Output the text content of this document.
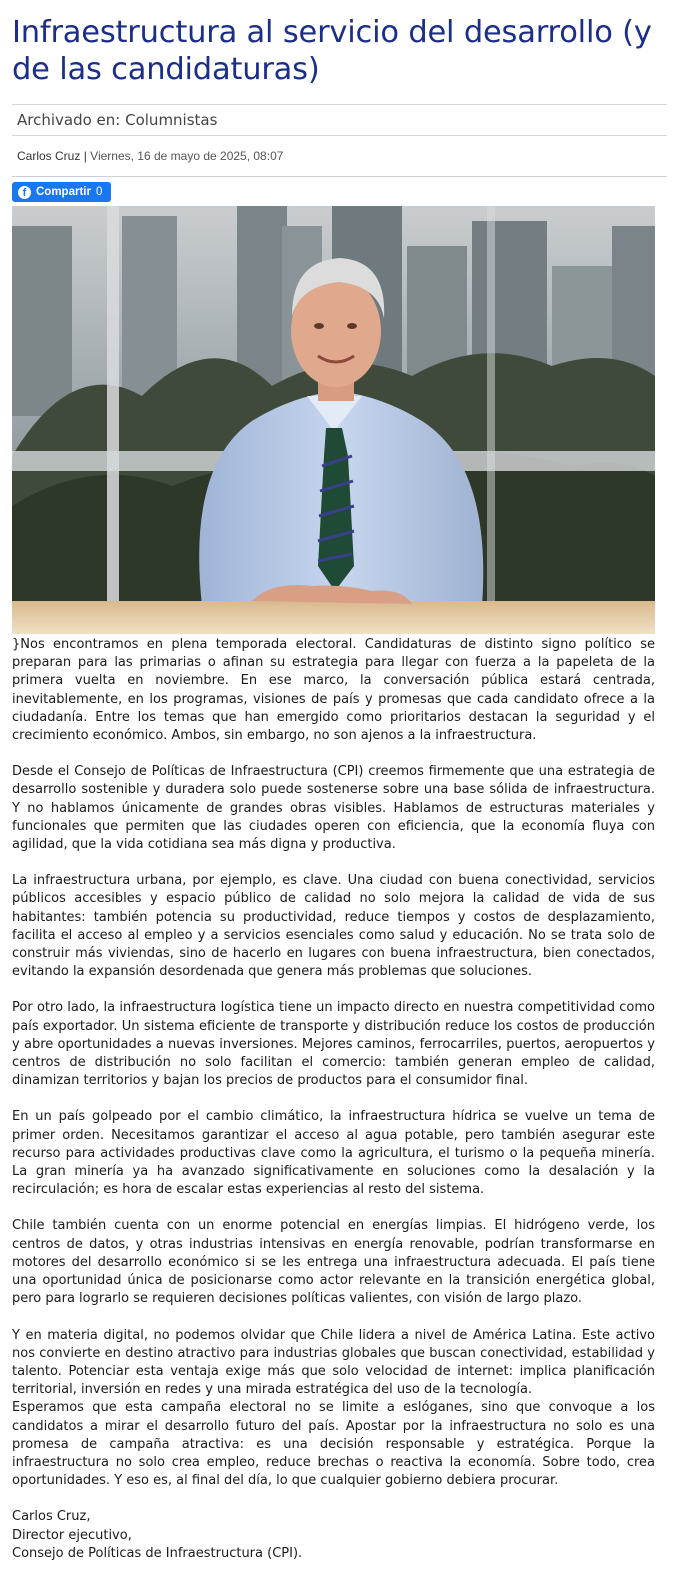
Infraestructura al servicio del desarrollo (y de las candidaturas)
Archivado en: Columnistas
Carlos Cruz | Viernes, 16 de mayo de 2025, 08:07
f Compartir 0

}Nos encontramos en plena temporada electoral. Candidaturas de distinto signo político se preparan para las primarias o afinan su estrategia para llegar con fuerza a la papeleta de la primera vuelta en noviembre. En ese marco, la conversación pública estará centrada, inevitablemente, en los programas, visiones de país y promesas que cada candidato ofrece a la ciudadanía. Entre los temas que han emergido como prioritarios destacan la seguridad y el crecimiento económico. Ambos, sin embargo, no son ajenos a la infraestructura.

Desde el Consejo de Políticas de Infraestructura (CPI) creemos firmemente que una estrategia de desarrollo sostenible y duradera solo puede sostenerse sobre una base sólida de infraestructura. Y no hablamos únicamente de grandes obras visibles. Hablamos de estructuras materiales y funcionales que permiten que las ciudades operen con eficiencia, que la economía fluya con agilidad, que la vida cotidiana sea más digna y productiva.

La infraestructura urbana, por ejemplo, es clave. Una ciudad con buena conectividad, servicios públicos accesibles y espacio público de calidad no solo mejora la calidad de vida de sus habitantes: también potencia su productividad, reduce tiempos y costos de desplazamiento, facilita el acceso al empleo y a servicios esenciales como salud y educación. No se trata solo de construir más viviendas, sino de hacerlo en lugares con buena infraestructura, bien conectados, evitando la expansión desordenada que genera más problemas que soluciones.

Por otro lado, la infraestructura logística tiene un impacto directo en nuestra competitividad como país exportador. Un sistema eficiente de transporte y distribución reduce los costos de producción y abre oportunidades a nuevas inversiones. Mejores caminos, ferrocarriles, puertos, aeropuertos y centros de distribución no solo facilitan el comercio: también generan empleo de calidad, dinamizan territorios y bajan los precios de productos para el consumidor final.

En un país golpeado por el cambio climático, la infraestructura hídrica se vuelve un tema de primer orden. Necesitamos garantizar el acceso al agua potable, pero también asegurar este recurso para actividades productivas clave como la agricultura, el turismo o la pequeña minería. La gran minería ya ha avanzado significativamente en soluciones como la desalación y la recirculación; es hora de escalar estas experiencias al resto del sistema.

Chile también cuenta con un enorme potencial en energías limpias. El hidrógeno verde, los centros de datos, y otras industrias intensivas en energía renovable, podrían transformarse en motores del desarrollo económico si se les entrega una infraestructura adecuada. El país tiene una oportunidad única de posicionarse como actor relevante en la transición energética global, pero para lograrlo se requieren decisiones políticas valientes, con visión de largo plazo.

Y en materia digital, no podemos olvidar que Chile lidera a nivel de América Latina. Este activo nos convierte en destino atractivo para industrias globales que buscan conectividad, estabilidad y talento. Potenciar esta ventaja exige más que solo velocidad de internet: implica planificación territorial, inversión en redes y una mirada estratégica del uso de la tecnología.

Esperamos que esta campaña electoral no se limite a eslóganes, sino que convoque a los candidatos a mirar el desarrollo futuro del país. Apostar por la infraestructura no solo es una promesa de campaña atractiva: es una decisión responsable y estratégica. Porque la infraestructura no solo crea empleo, reduce brechas o reactiva la economía. Sobre todo, crea oportunidades. Y eso es, al final del día, lo que cualquier gobierno debiera procurar.

Carlos Cruz,
Director ejecutivo,
Consejo de Políticas de Infraestructura (CPI).
